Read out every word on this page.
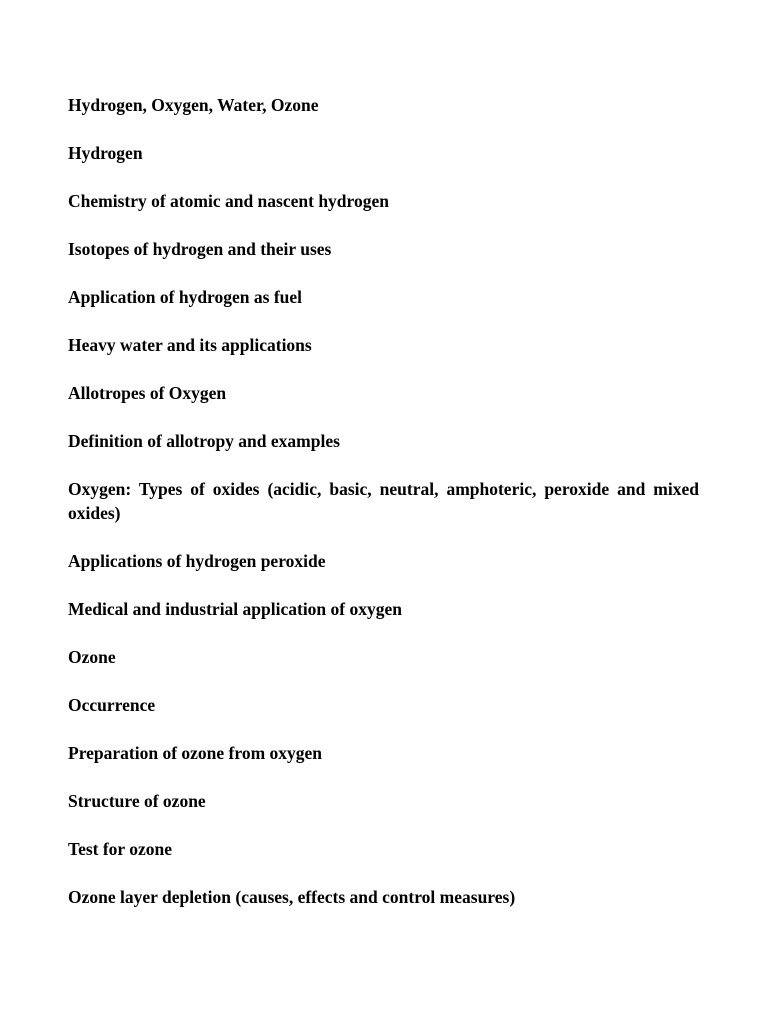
Hydrogen, Oxygen, Water, Ozone

Hydrogen

Chemistry of atomic and nascent hydrogen

Isotopes of hydrogen and their uses

Application of hydrogen as fuel

Heavy water and its applications

Allotropes of Oxygen

Definition of allotropy and examples

Oxygen: Types of oxides (acidic, basic, neutral, amphoteric, peroxide and mixed oxides)

Applications of hydrogen peroxide

Medical and industrial application of oxygen

Ozone

Occurrence

Preparation of ozone from oxygen

Structure of ozone

Test for ozone

Ozone layer depletion (causes, effects and control measures)
